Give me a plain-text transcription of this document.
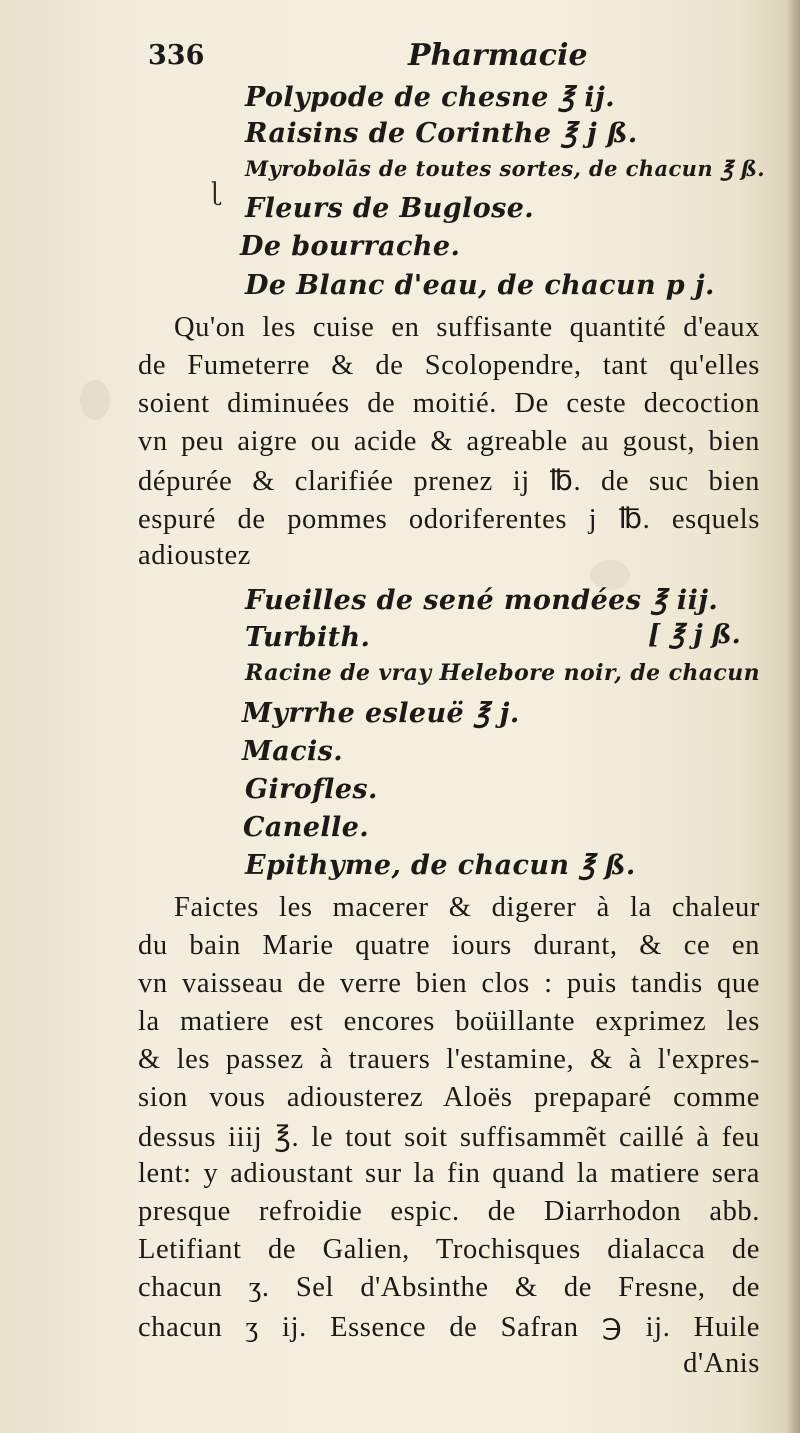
336	Pharmacie
ɭ
Polypode de chesne ℥ ij.
Raisins de Corinthe ℥ j ß.
Myrobolās de toutes sortes, de chacun ℥ ß.
Fleurs de Buglose.
De bourrache.
De Blanc d'eau, de chacun p j.
Qu'on les cuise en suffisante quantité d'eaux
de Fumeterre & de Scolopendre, tant qu'elles
soient diminuées de moitié. De ceste decoction
vn peu aigre ou acide & agreable au goust, bien
dépurée & clarifiée prenez ij ℔. de suc bien
espuré de pommes odoriferentes j ℔. esquels
adioustez
Fueilles de sené mondées ℥ iij.
Turbith.
Racine de vray Helebore noir, de chacun
Myrrhe esleuë ℥ j.
Macis.
Girofles.
Canelle.
Epithyme, de chacun ℥ ß.
[ ℥ j ß.
Faictes les macerer & digerer à la chaleur
du bain Marie quatre iours durant, & ce en
vn vaisseau de verre bien clos : puis tandis que
la matiere est encores boüillante exprimez les
& les passez à trauers l'estamine, & à l'expres-
sion vous adiousterez Aloës prepaparé comme
dessus iiij ℥. le tout soit suffisammẽt caillé à feu
lent: y adioustant sur la fin quand la matiere sera
presque refroidie espic. de Diarrhodon abb.
Letifiant de Galien, Trochisques dialacca de
chacun ʒ. Sel d'Absinthe & de Fresne, de
chacun ʒ ij. Essence de Safran ℈ ij. Huile
d'Anis
